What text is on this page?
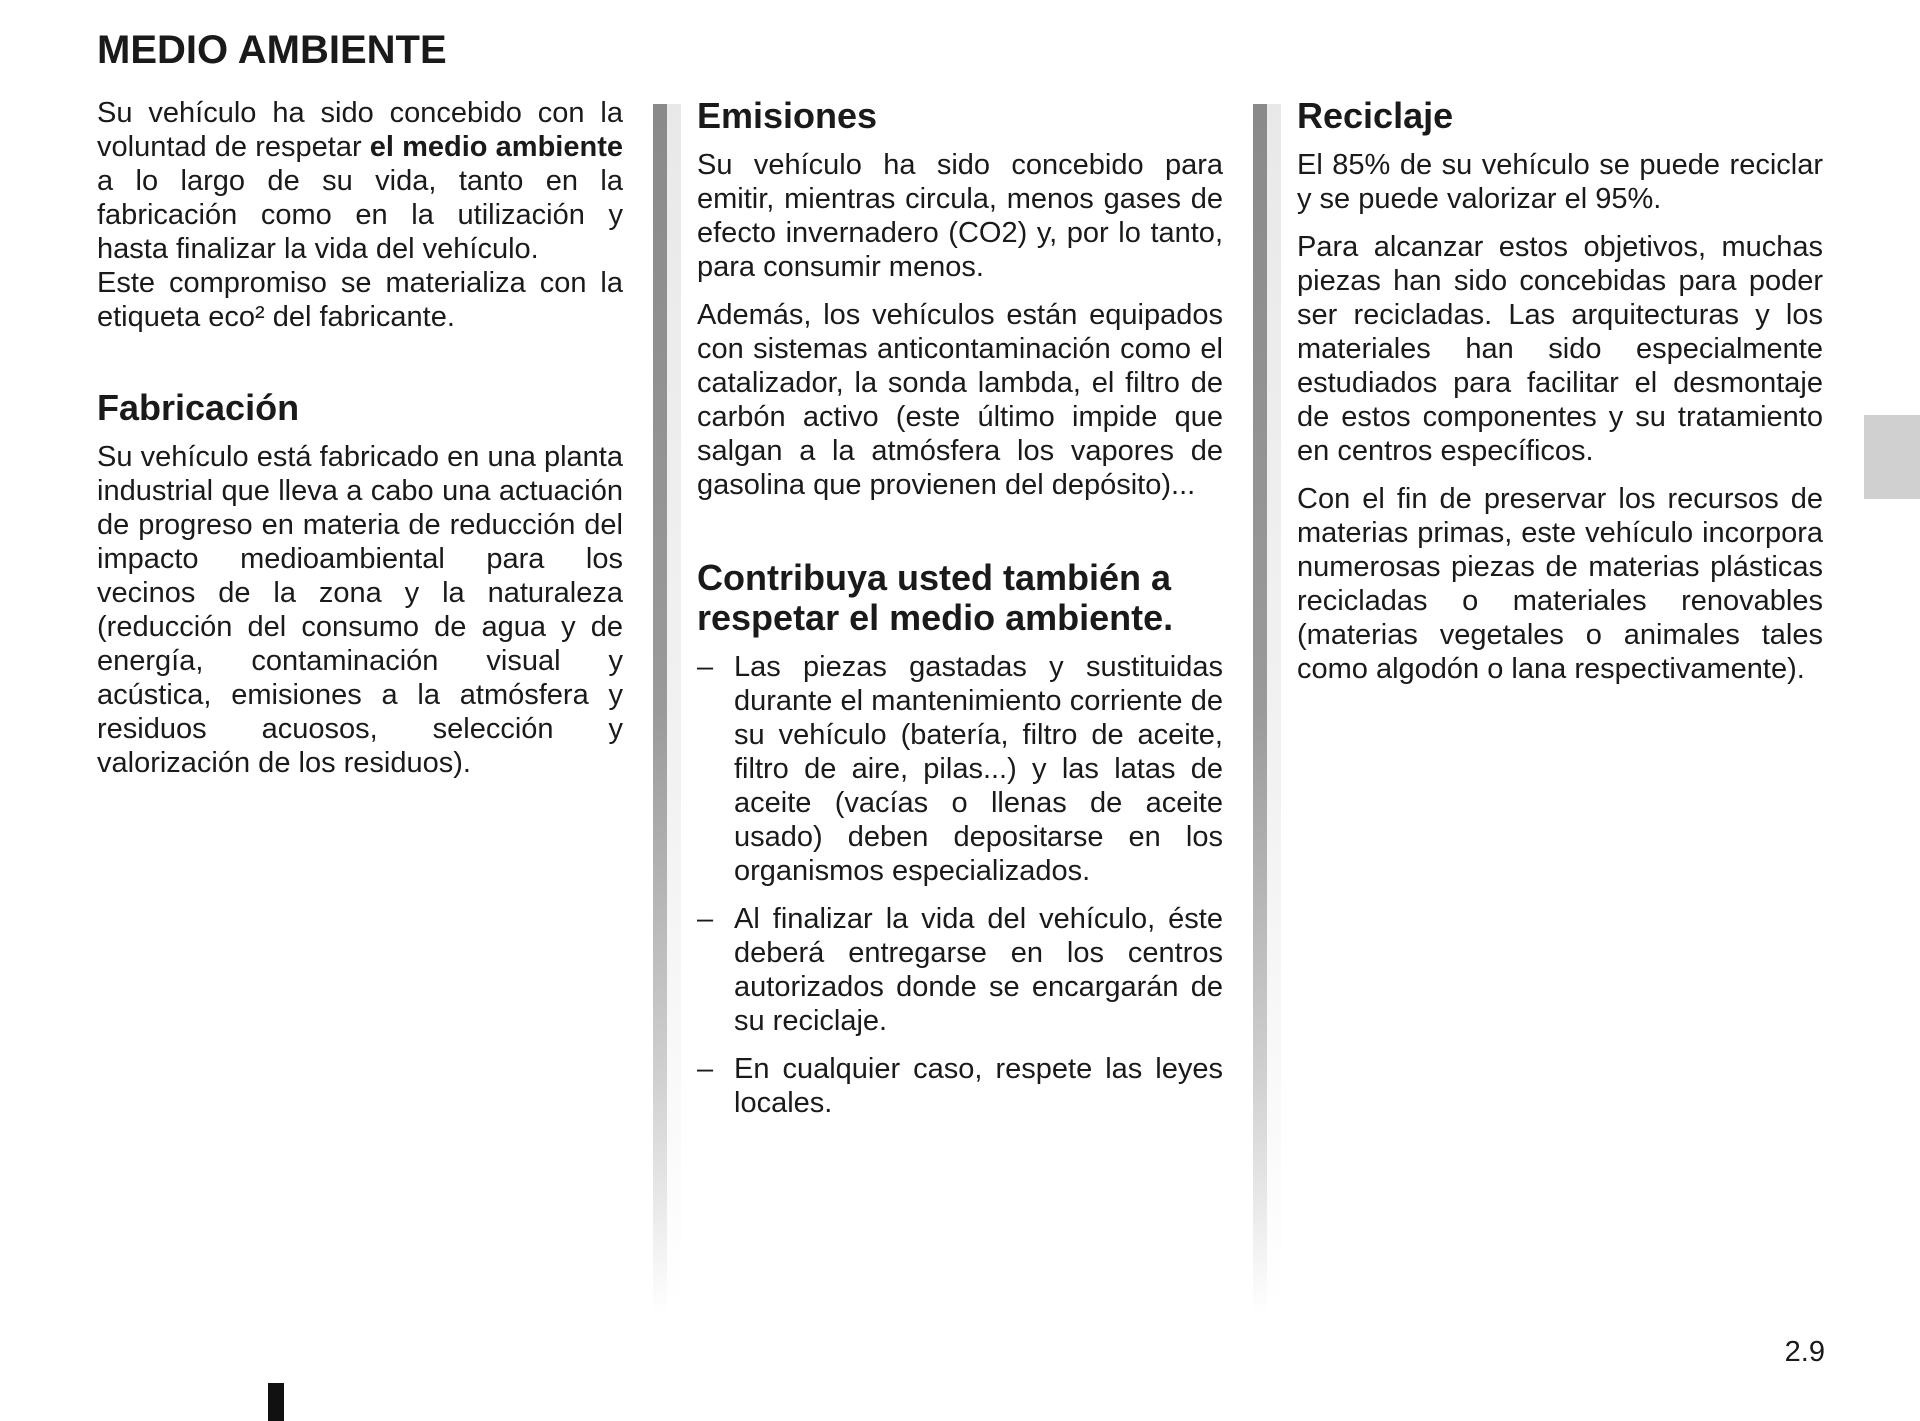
MEDIO AMBIENTE

Su vehículo ha sido concebido con la voluntad de respetar el medio ambiente a lo largo de su vida, tanto en la fabricación como en la utilización y hasta finalizar la vida del vehículo.

Este compromiso se materializa con la etiqueta eco² del fabricante.

Fabricación

Su vehículo está fabricado en una planta industrial que lleva a cabo una actuación de progreso en materia de reducción del impacto medioambiental para los vecinos de la zona y la naturaleza (reducción del consumo de agua y de energía, contaminación visual y acústica, emisiones a la atmósfera y residuos acuosos, selección y valorización de los residuos).

Emisiones

Su vehículo ha sido concebido para emitir, mientras circula, menos gases de efecto invernadero (CO2) y, por lo tanto, para consumir menos.

Además, los vehículos están equipados con sistemas anticontaminación como el catalizador, la sonda lambda, el filtro de carbón activo (este último impide que salgan a la atmósfera los vapores de gasolina que provienen del depósito)...

Contribuya usted también a respetar el medio ambiente.
– Las piezas gastadas y sustituidas durante el mantenimiento corriente de su vehículo (batería, filtro de aceite, filtro de aire, pilas...) y las latas de aceite (vacías o llenas de aceite usado) deben depositarse en los organismos especializados.
– Al finalizar la vida del vehículo, éste deberá entregarse en los centros autorizados donde se encargarán de su reciclaje.
– En cualquier caso, respete las leyes locales.
Reciclaje

El 85% de su vehículo se puede reciclar y se puede valorizar el 95%.

Para alcanzar estos objetivos, muchas piezas han sido concebidas para poder ser recicladas. Las arquitecturas y los materiales han sido especialmente estudiados para facilitar el desmontaje de estos componentes y su tratamiento en centros específicos.

Con el fin de preservar los recursos de materias primas, este vehículo incorpora numerosas piezas de materias plásticas recicladas o materiales renovables (materias vegetales o animales tales como algodón o lana respectivamente).

2.9
